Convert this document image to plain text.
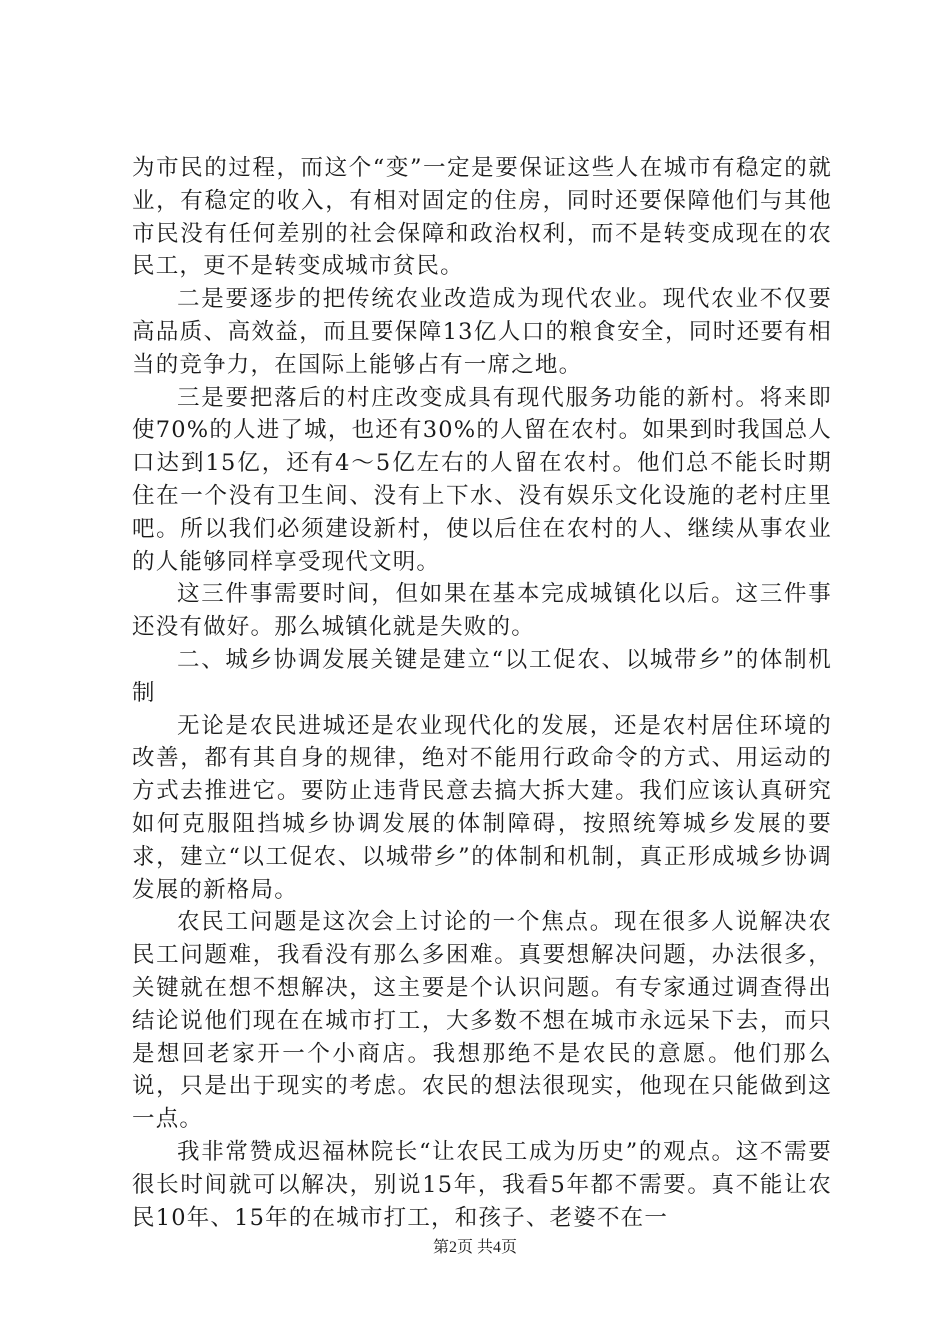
为市民的过程，而这个“变”一定是要保证这些人在城市有稳定的就业，有稳定的收入，有相对固定的住房，同时还要保障他们与其他市民没有任何差别的社会保障和政治权利，而不是转变成现在的农民工，更不是转变成城市贫民。

二是要逐步的把传统农业改造成为现代农业。现代农业不仅要高品质、高效益，而且要保障13亿人口的粮食安全，同时还要有相当的竞争力，在国际上能够占有一席之地。

三是要把落后的村庄改变成具有现代服务功能的新村。将来即使70%的人进了城，也还有30%的人留在农村。如果到时我国总人口达到15亿，还有4～5亿左右的人留在农村。他们总不能长时期住在一个没有卫生间、没有上下水、没有娱乐文化设施的老村庄里吧。所以我们必须建设新村，使以后住在农村的人、继续从事农业的人能够同样享受现代文明。

这三件事需要时间，但如果在基本完成城镇化以后。这三件事还没有做好。那么城镇化就是失败的。

二、城乡协调发展关键是建立“以工促农、以城带乡”的体制机制

无论是农民进城还是农业现代化的发展，还是农村居住环境的改善，都有其自身的规律，绝对不能用行政命令的方式、用运动的方式去推进它。要防止违背民意去搞大拆大建。我们应该认真研究如何克服阻挡城乡协调发展的体制障碍，按照统筹城乡发展的要求，建立“以工促农、以城带乡”的体制和机制，真正形成城乡协调发展的新格局。

农民工问题是这次会上讨论的一个焦点。现在很多人说解决农民工问题难，我看没有那么多困难。真要想解决问题，办法很多，关键就在想不想解决，这主要是个认识问题。有专家通过调查得出结论说他们现在在城市打工，大多数不想在城市永远呆下去，而只是想回老家开一个小商店。我想那绝不是农民的意愿。他们那么说，只是出于现实的考虑。农民的想法很现实，他现在只能做到这一点。

我非常赞成迟福林院长“让农民工成为历史”的观点。这不需要很长时间就可以解决，别说15年，我看5年都不需要。真不能让农民10年、15年的在城市打工，和孩子、老婆不在一

第2页 共4页
